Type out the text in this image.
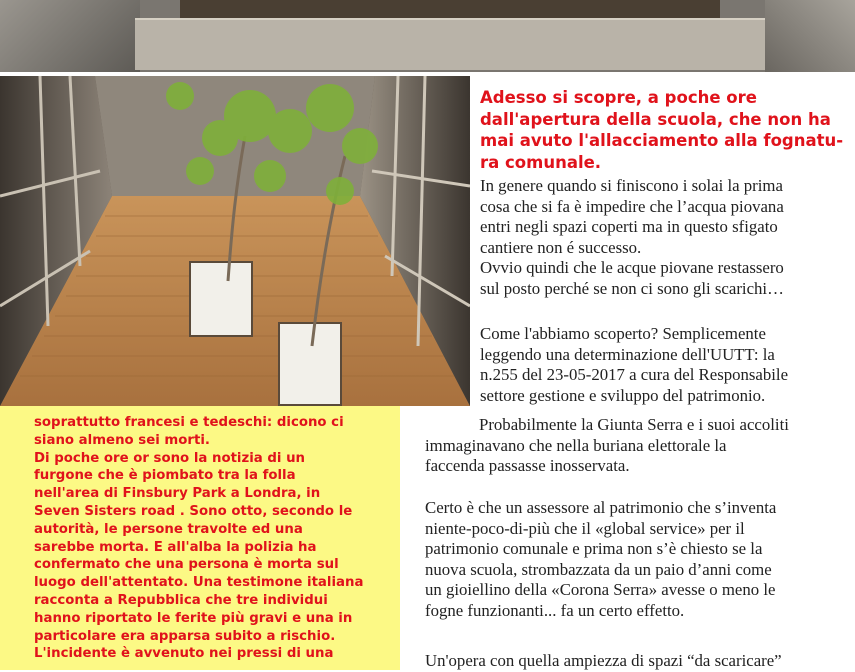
Adesso si scopre, a poche ore
dall'apertura della scuola, che non ha
mai avuto l'allacciamento alla fognatu-
ra comunale.

In genere quando si finiscono i solai la prima
cosa che si fa è impedire che l’acqua piovana
entri negli spazi coperti ma in questo sfigato
cantiere non é successo.
Ovvio quindi che le acque piovane restassero
sul posto perché se non ci sono gli scarichi…

Come l'abbiamo scoperto? Semplicemente
leggendo una determinazione dell'UUTT: la
n.255 del 23-05-2017 a cura del Responsabile
settore gestione e sviluppo del patrimonio.

Probabilmente la Giunta Serra e i suoi accoliti
immaginavano che nella buriana elettorale la
faccenda passasse inosservata.

Certo è che un assessore al patrimonio che s’inventa
niente-poco-di-più che il «global service» per il
patrimonio comunale e prima non s’è chiesto se la
nuova scuola, strombazzata da un paio d’anni come
un gioiellino della «Corona Serra» avesse o meno le
fogne funzionanti... fa un certo effetto.

Un'opera con quella ampiezza di spazi “da scaricare”

soprattutto francesi e tedeschi: dicono ci
siano almeno sei morti.
Di poche ore or sono la notizia di un
furgone che è piombato tra la folla
nell'area di Finsbury Park a Londra, in
Seven Sisters road . Sono otto, secondo le
autorità, le persone travolte ed una
sarebbe morta. E all'alba la polizia ha
confermato che una persona è morta sul
luogo dell'attentato. Una testimone italiana
racconta a Repubblica che tre individui
hanno riportato le ferite più gravi e una in
particolare era apparsa subito a rischio.
L'incidente è avvenuto nei pressi di una
